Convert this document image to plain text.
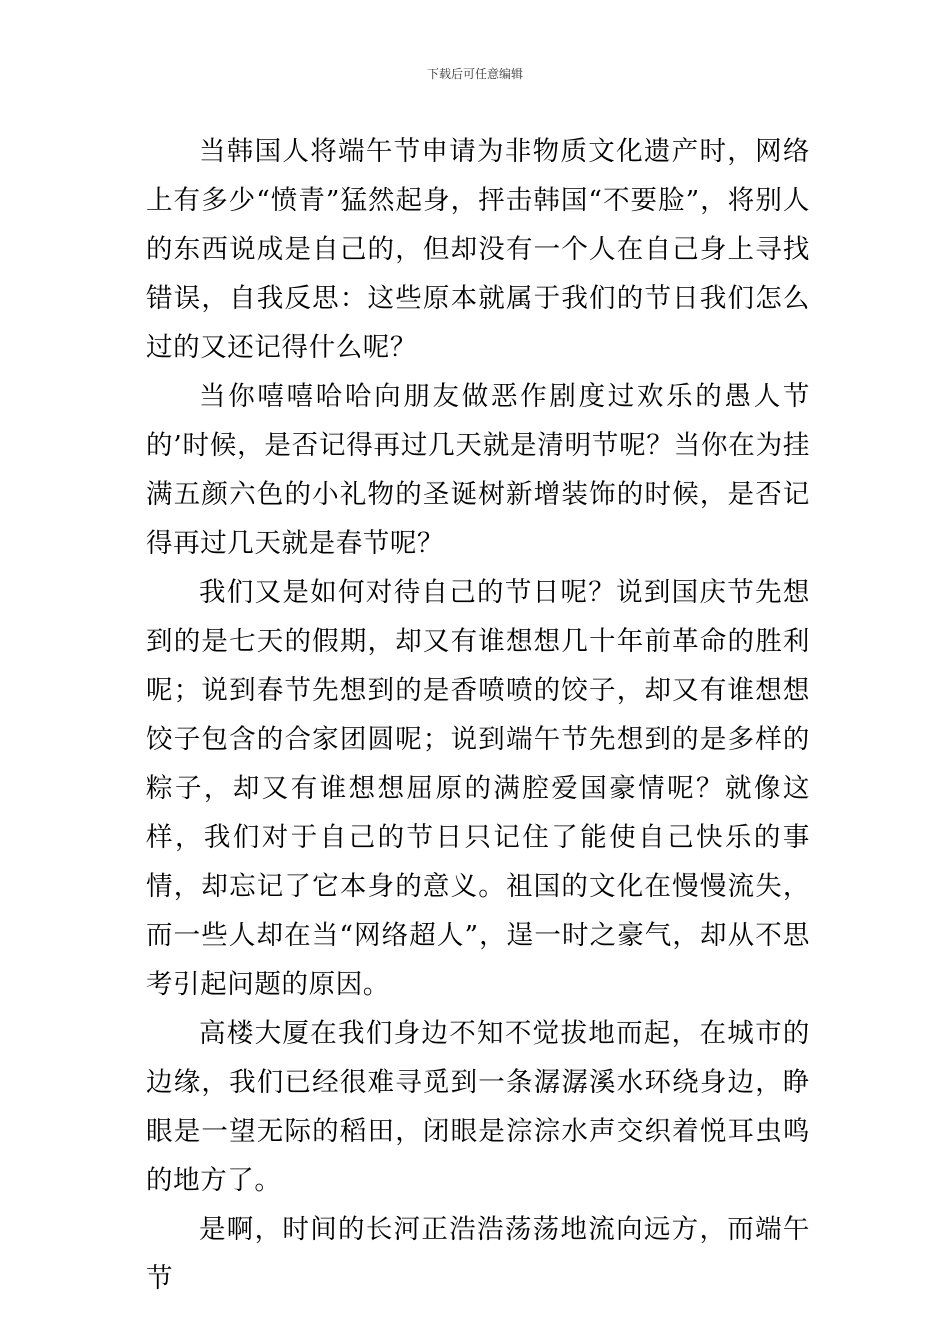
下载后可任意编辑

当韩国人将端午节申请为非物质文化遗产时，网络上有多少“愤青”猛然起身，抨击韩国“不要脸”，将别人的东西说成是自己的，但却没有一个人在自己身上寻找错误，自我反思：这些原本就属于我们的节日我们怎么过的又还记得什么呢？

当你嘻嘻哈哈向朋友做恶作剧度过欢乐的愚人节的’时候，是否记得再过几天就是清明节呢？当你在为挂满五颜六色的小礼物的圣诞树新增装饰的时候，是否记得再过几天就是春节呢？

我们又是如何对待自己的节日呢？说到国庆节先想到的是七天的假期，却又有谁想想几十年前革命的胜利呢；说到春节先想到的是香喷喷的饺子，却又有谁想想饺子包含的合家团圆呢；说到端午节先想到的是多样的粽子，却又有谁想想屈原的满腔爱国豪情呢？就像这样，我们对于自己的节日只记住了能使自己快乐的事情，却忘记了它本身的意义。祖国的文化在慢慢流失，而一些人却在当“网络超人”，逞一时之豪气，却从不思考引起问题的原因。

高楼大厦在我们身边不知不觉拔地而起，在城市的边缘，我们已经很难寻觅到一条潺潺溪水环绕身边，睁眼是一望无际的稻田，闭眼是淙淙水声交织着悦耳虫鸣的地方了。

是啊，时间的长河正浩浩荡荡地流向远方，而端午节
